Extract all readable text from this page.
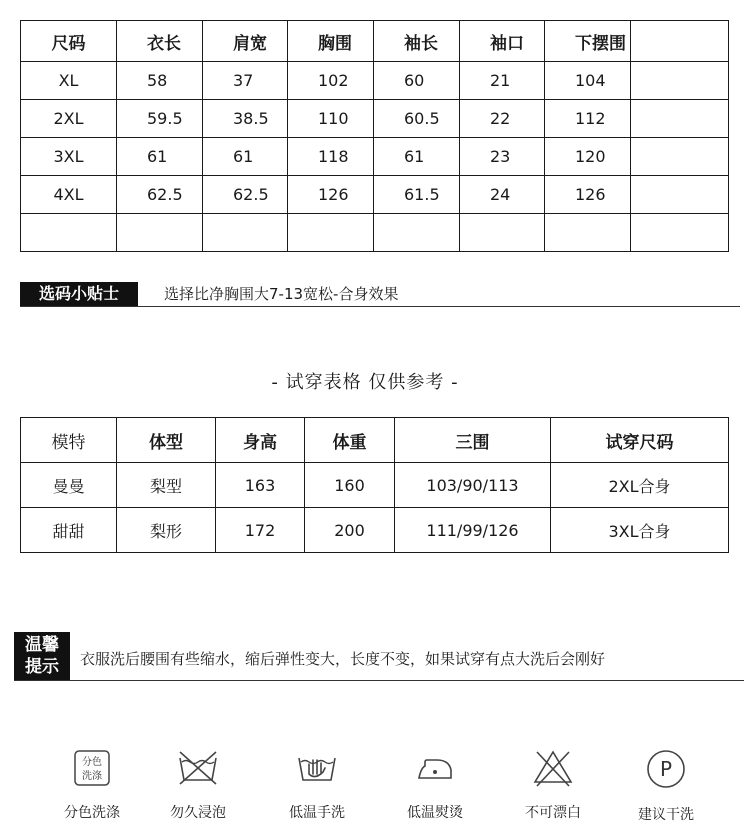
尺码	衣长	肩宽	胸围	袖长	袖口	下摆围	
XL	58	37	102	60	21	104	
2XL	59.5	38.5	110	60.5	22	112	
3XL	61	61	118	61	23	120	
4XL	62.5	62.5	126	61.5	24	126	

选码小贴士	选择比净胸围大7-13宽松-合身效果
- 试穿表格 仅供参考 -
模特	体型	身高	体重	三围	试穿尺码
曼曼	梨型	163	160	103/90/113	2XL合身
甜甜	梨形	172	200	111/99/126	3XL合身
温馨
提示	衣服洗后腰围有些缩水，缩后弹性变大，长度不变，如果试穿有点大洗后会刚好
分色
洗涤
分色洗涤	勿久浸泡	低温手洗	低温熨烫	不可漂白
P
建议干洗
